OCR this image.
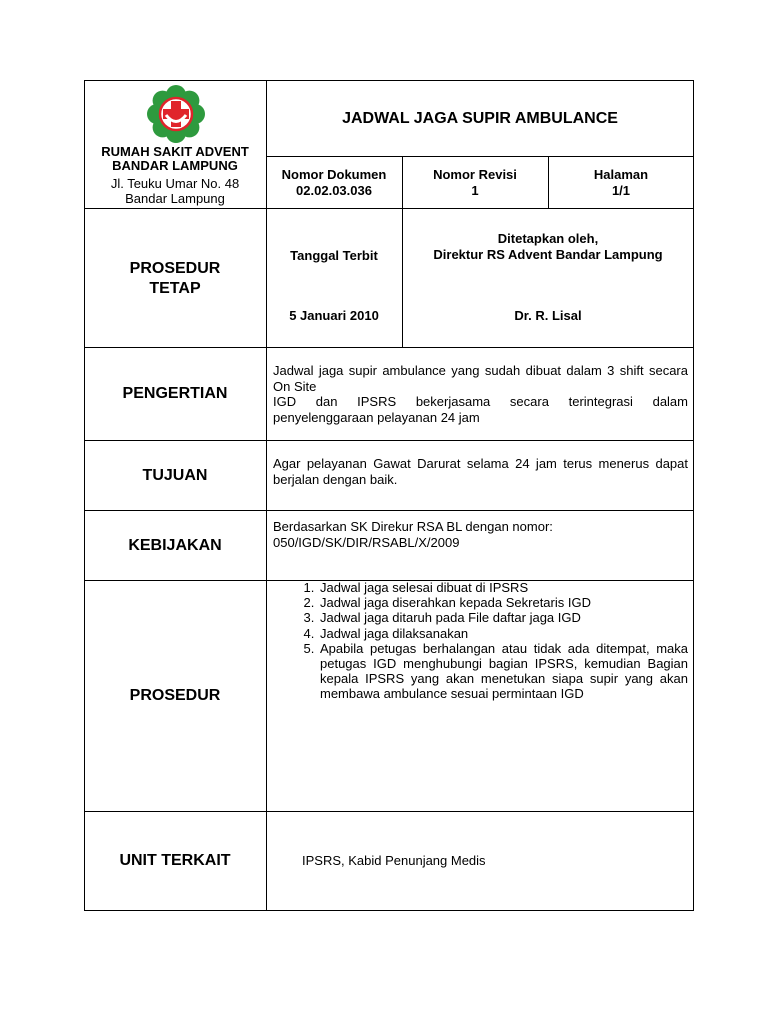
RUMAH SAKIT ADVENT
BANDAR LAMPUNG
Jl. Teuku Umar No. 48
Bandar Lampung
JADWAL JAGA SUPIR AMBULANCE
Nomor Dokumen
02.02.03.036
Nomor Revisi
1
Halaman
1/1
PROSEDUR
TETAP
Tanggal Terbit
5 Januari 2010
Ditetapkan oleh,
Direktur RS Advent Bandar Lampung
Dr. R. Lisal
PENGERTIAN
Jadwal jaga supir ambulance yang sudah dibuat dalam 3 shift secara On Site
IGD dan IPSRS bekerjasama secara terintegrasi dalam penyelenggaraan pelayanan 24 jam
TUJUAN
Agar pelayanan Gawat Darurat selama 24 jam terus menerus dapat berjalan dengan baik.
KEBIJAKAN
Berdasarkan SK Direkur RSA BL dengan nomor:
050/IGD/SK/DIR/RSABL/X/2009
PROSEDUR
1. Jadwal jaga selesai dibuat di IPSRS
2. Jadwal jaga diserahkan kepada Sekretaris IGD
3. Jadwal jaga ditaruh pada File daftar jaga IGD
4. Jadwal jaga dilaksanakan
5. Apabila petugas berhalangan atau tidak ada ditempat, maka petugas IGD menghubungi bagian IPSRS, kemudian Bagian kepala IPSRS yang akan menetukan siapa supir yang akan membawa ambulance sesuai permintaan IGD
UNIT TERKAIT	IPSRS, Kabid Penunjang Medis
